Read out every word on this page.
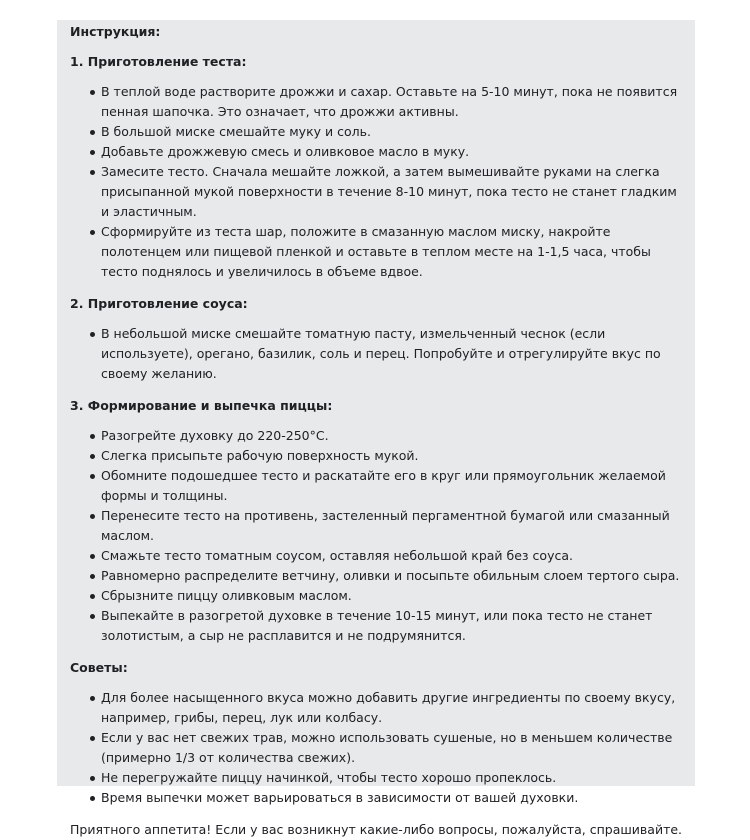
Инструкция:

1. Приготовление теста:

В теплой воде растворите дрожжи и сахар. Оставьте на 5-10 минут, пока не появится пенная шапочка. Это означает, что дрожжи активны.
В большой миске смешайте муку и соль.
Добавьте дрожжевую смесь и оливковое масло в муку.
Замесите тесто. Сначала мешайте ложкой, а затем вымешивайте руками на слегка присыпанной мукой поверхности в течение 8-10 минут, пока тесто не станет гладким и эластичным.
Сформируйте из теста шар, положите в смазанную маслом миску, накройте полотенцем или пищевой пленкой и оставьте в теплом месте на 1-1,5 часа, чтобы тесто поднялось и увеличилось в объеме вдвое.

2. Приготовление соуса:

В небольшой миске смешайте томатную пасту, измельченный чеснок (если используете), орегано, базилик, соль и перец. Попробуйте и отрегулируйте вкус по своему желанию.

3. Формирование и выпечка пиццы:

Разогрейте духовку до 220-250°C.
Слегка присыпьте рабочую поверхность мукой.
Обомните подошедшее тесто и раскатайте его в круг или прямоугольник желаемой формы и толщины.
Перенесите тесто на противень, застеленный пергаментной бумагой или смазанный маслом.
Смажьте тесто томатным соусом, оставляя небольшой край без соуса.
Равномерно распределите ветчину, оливки и посыпьте обильным слоем тертого сыра.
Сбрызните пиццу оливковым маслом.
Выпекайте в разогретой духовке в течение 10-15 минут, или пока тесто не станет золотистым, а сыр не расплавится и не подрумянится.

Советы:

Для более насыщенного вкуса можно добавить другие ингредиенты по своему вкусу, например, грибы, перец, лук или колбасу.
Если у вас нет свежих трав, можно использовать сушеные, но в меньшем количестве (примерно 1/3 от количества свежих).
Не перегружайте пиццу начинкой, чтобы тесто хорошо пропеклось.
Время выпечки может варьироваться в зависимости от вашей духовки.

Приятного аппетита! Если у вас возникнут какие-либо вопросы, пожалуйста, спрашивайте.
